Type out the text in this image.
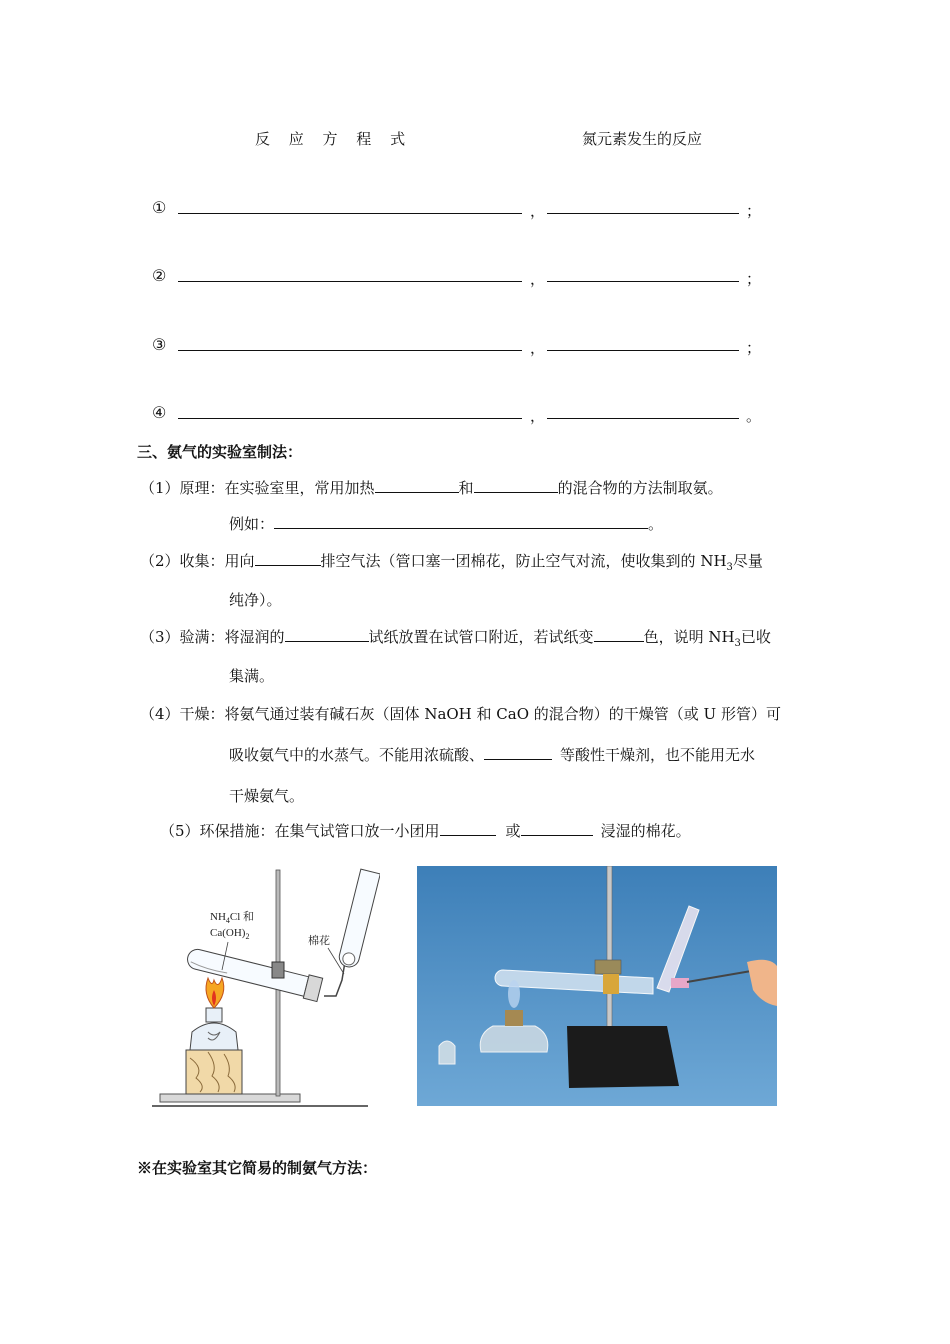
反 应 方 程 式	氮元素发生的反应
①	，	；
②	，	；
③	，	；
④	，	。
三、氨气的实验室制法：
（1）原理：在实验室里，常用加热	和	的混合物的方法制取氨。
例如：	。
（2）收集：用向	排空气法（管口塞一团棉花，防止空气对流，使收集到的 $NH_3$尽量
纯净）。
（3）验满：将湿润的	试纸放置在试管口附近，若试纸变	色，说明 $NH_3$已收
集满。
（4）干燥：将氨气通过装有碱石灰（固体 NaOH 和 CaO 的混合物）的干燥管（或 U 形管）可
吸收氨气中的水蒸气。不能用浓硫酸、	等酸性干燥剂，也不能用无水
干燥氨气。
（5）环保措施：在集气试管口放一小团用	或	浸湿的棉花。
$NH_4Cl$ 和
$Ca(OH)_2$	棉花
※在实验室其它简易的制氨气方法：
